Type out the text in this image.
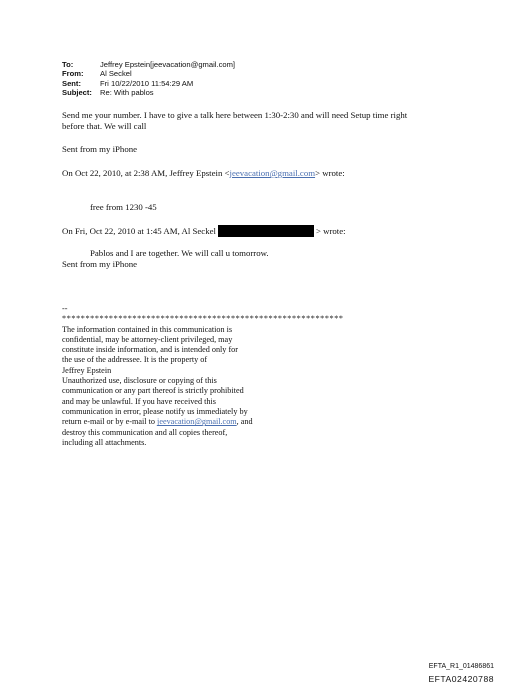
To:	Jeffrey Epstein[jeevacation@gmail.com]
From:	Al Seckel
Sent:	Fri 10/22/2010 11:54:29 AM
Subject:	Re: With pablos
Send me your number. I have to give a talk here between 1:30-2:30 and will need Setup time right
before that. We will call
Sent from my iPhone
On Oct 22, 2010, at 2:38 AM, Jeffrey Epstein <jeevacation@gmail.com> wrote:
free from 1230 -45
On Fri, Oct 22, 2010 at 1:45 AM, Al Seckel	> wrote:
Pablos and I are together. We will call u tomorrow.
Sent from my iPhone
--
************************************************************
The information contained in this communication is
confidential, may be attorney-client privileged, may
constitute inside information, and is intended only for
the use of the addressee. It is the property of
Jeffrey Epstein
Unauthorized use, disclosure or copying of this
communication or any part thereof is strictly prohibited
and may be unlawful. If you have received this
communication in error, please notify us immediately by
return e-mail or by e-mail to jeevacation@gmail.com, and
destroy this communication and all copies thereof,
including all attachments.
EFTA_R1_01486861
EFTA02420788
